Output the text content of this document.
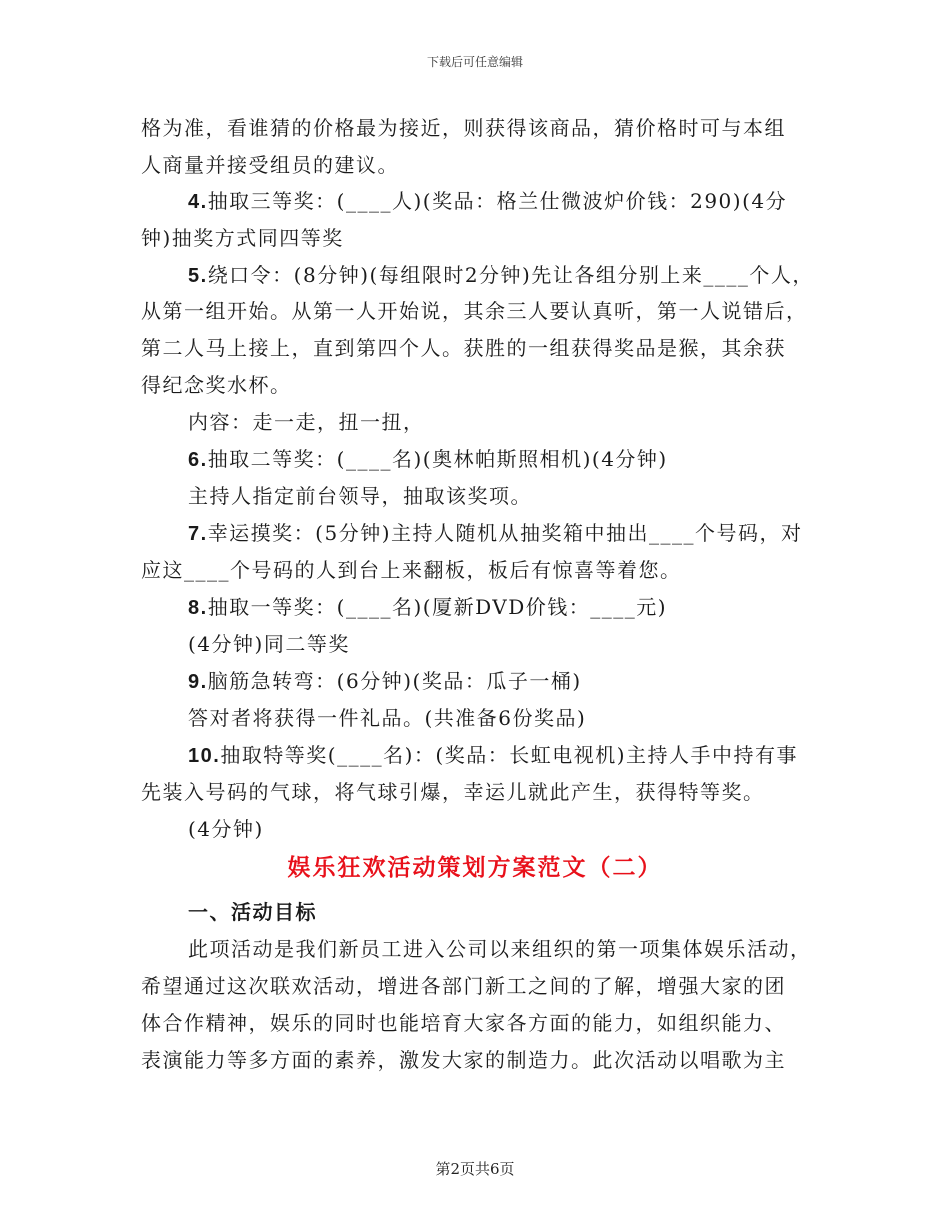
下载后可任意编辑
格为准，看谁猜的价格最为接近，则获得该商品，猜价格时可与本组
人商量并接受组员的建议。
4.抽取三等奖：(____人)(奖品：格兰仕微波炉价钱：290)(4分
钟)抽奖方式同四等奖
5.绕口令：(8分钟)(每组限时2分钟)先让各组分别上来____个人，
从第一组开始。从第一人开始说，其余三人要认真听，第一人说错后，
第二人马上接上，直到第四个人。获胜的一组获得奖品是猴，其余获
得纪念奖水杯。
内容：走一走，扭一扭，
6.抽取二等奖：(____名)(奥林帕斯照相机)(4分钟)
主持人指定前台领导，抽取该奖项。
7.幸运摸奖：(5分钟)主持人随机从抽奖箱中抽出____个号码，对
应这____个号码的人到台上来翻板，板后有惊喜等着您。
8.抽取一等奖：(____名)(厦新DVD价钱：____元)
(4分钟)同二等奖
9.脑筋急转弯：(6分钟)(奖品：瓜子一桶)
答对者将获得一件礼品。(共准备6份奖品)
10.抽取特等奖(____名)：(奖品：长虹电视机)主持人手中持有事
先装入号码的气球，将气球引爆，幸运儿就此产生，获得特等奖。
(4分钟)
娱乐狂欢活动策划方案范文（二）
一、活动目标
此项活动是我们新员工进入公司以来组织的第一项集体娱乐活动，
希望通过这次联欢活动，增进各部门新工之间的了解，增强大家的团
体合作精神，娱乐的同时也能培育大家各方面的能力，如组织能力、
表演能力等多方面的素养，激发大家的制造力。此次活动以唱歌为主
第2页共6页
